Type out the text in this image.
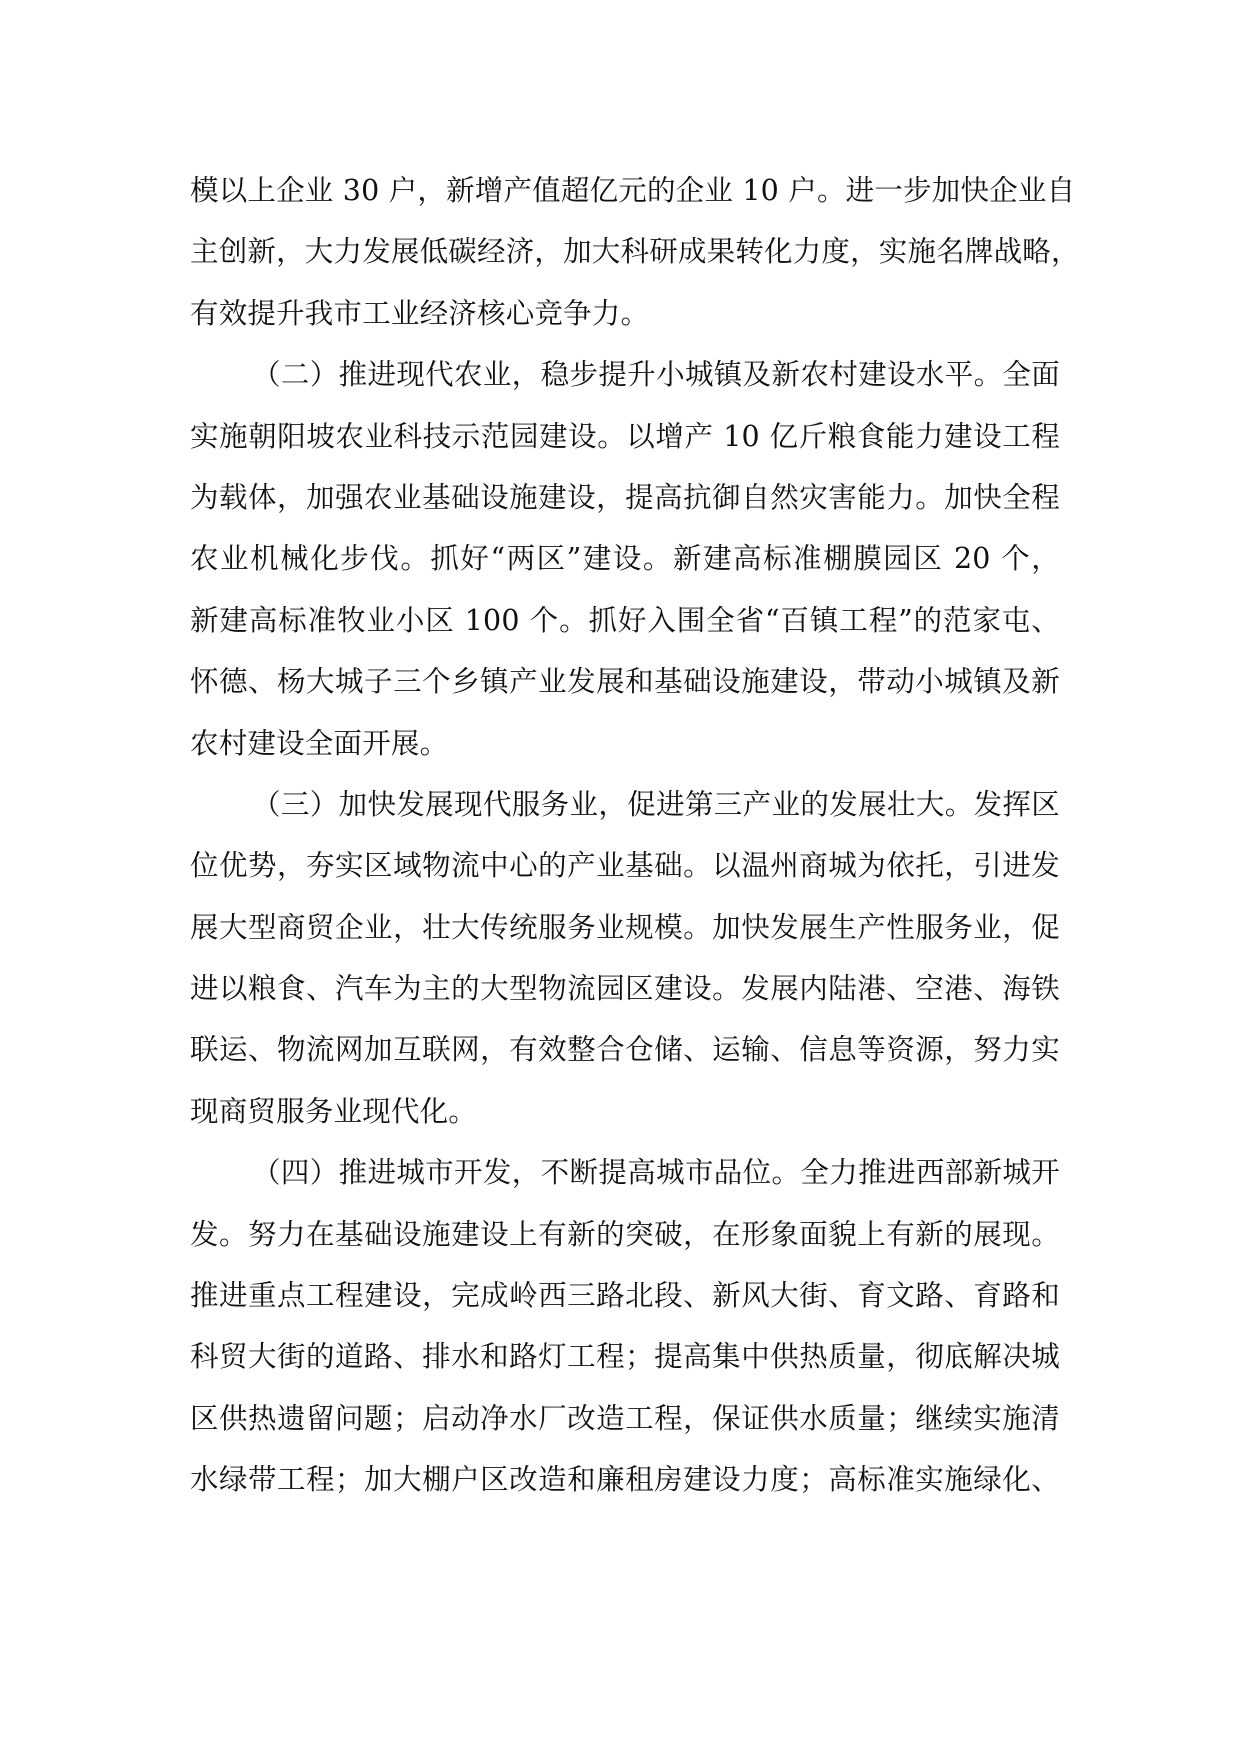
模以上企业 30 户，新增产值超亿元的企业 10 户。进一步加快企业自
主创新，大力发展低碳经济，加大科研成果转化力度，实施名牌战略，
有效提升我市工业经济核心竞争力。
（二）推进现代农业，稳步提升小城镇及新农村建设水平。全面
实施朝阳坡农业科技示范园建设。以增产 10 亿斤粮食能力建设工程
为载体，加强农业基础设施建设，提高抗御自然灾害能力。加快全程
农业机械化步伐。抓好“两区”建设。新建高标准棚膜园区 20 个，
新建高标准牧业小区 100 个。抓好入围全省“百镇工程”的范家屯、
怀德、杨大城子三个乡镇产业发展和基础设施建设，带动小城镇及新
农村建设全面开展。
（三）加快发展现代服务业，促进第三产业的发展壮大。发挥区
位优势，夯实区域物流中心的产业基础。以温州商城为依托，引进发
展大型商贸企业，壮大传统服务业规模。加快发展生产性服务业，促
进以粮食、汽车为主的大型物流园区建设。发展内陆港、空港、海铁
联运、物流网加互联网，有效整合仓储、运输、信息等资源，努力实
现商贸服务业现代化。
（四）推进城市开发，不断提高城市品位。全力推进西部新城开
发。努力在基础设施建设上有新的突破，在形象面貌上有新的展现。
推进重点工程建设，完成岭西三路北段、新风大街、育文路、育路和
科贸大街的道路、排水和路灯工程；提高集中供热质量，彻底解决城
区供热遗留问题；启动净水厂改造工程，保证供水质量；继续实施清
水绿带工程；加大棚户区改造和廉租房建设力度；高标准实施绿化、
